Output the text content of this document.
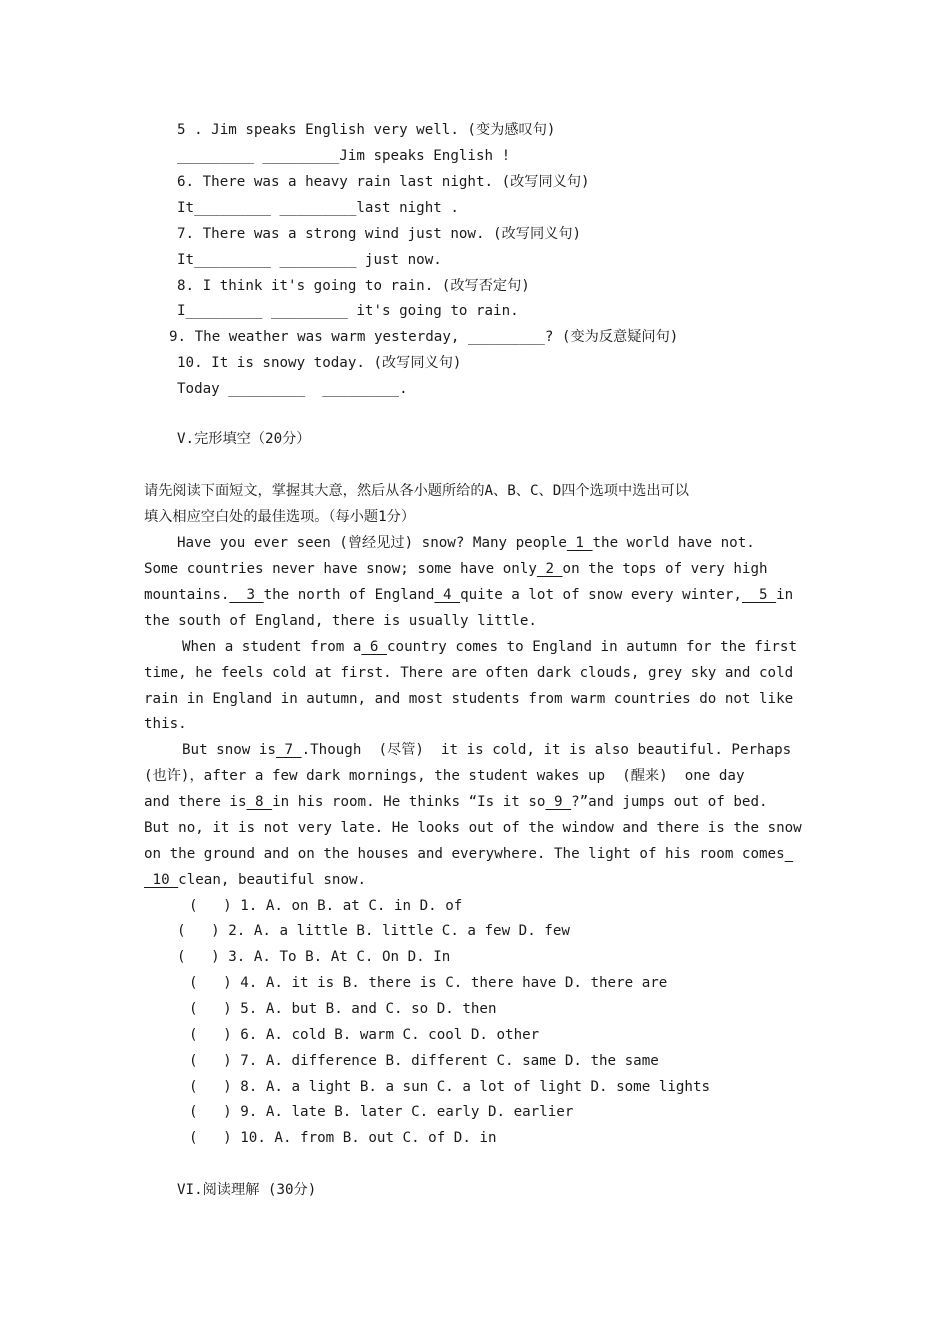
5 . Jim speaks English very well. (变为感叹句)

_________ _________Jim speaks English !

6. There was a heavy rain last night. (改写同义句)

It_________ _________last night .

7. There was a strong wind just now. (改写同义句)

It_________ _________ just now.

8. I think it's going to rain. (改写否定句)

I_________ _________ it's going to rain.

9. The weather was warm yesterday, _________? (变为反意疑问句)

10. It is snowy today. (改写同义句)

Today _________  _________.

V.完形填空（20分）

请先阅读下面短文，掌握其大意，然后从各小题所给的A、B、C、D四个选项中选出可以

填入相应空白处的最佳选项。（每小题1分）

Have you ever seen (曾经见过) snow? Many people 1 the world have not.

Some countries never have snow; some have only 2 on the tops of very high

mountains.  3 the north of England 4 quite a lot of snow every winter,  5 in

the south of England, there is usually little.

When a student from a 6 country comes to England in autumn for the first

time, he feels cold at first. There are often dark clouds, grey sky and cold

rain in England in autumn, and most students from warm countries do not like

this.

But snow is 7 .Though  (尽管)  it is cold, it is also beautiful. Perhaps

(也许)，after a few dark mornings, the student wakes up  (醒来)  one day

and there is 8 in his room. He thinks “Is it so 9 ?”and jumps out of bed.

But no, it is not very late. He looks out of the window and there is the snow

on the ground and on the houses and everywhere. The light of his room comes

10 clean, beautiful snow.

(   ) 1. A. on B. at C. in D. of

(   ) 2. A. a little B. little C. a few D. few

(   ) 3. A. To B. At C. On D. In

(   ) 4. A. it is B. there is C. there have D. there are

(   ) 5. A. but B. and C. so D. then

(   ) 6. A. cold B. warm C. cool D. other

(   ) 7. A. difference B. different C. same D. the same

(   ) 8. A. a light B. a sun C. a lot of light D. some lights

(   ) 9. A. late B. later C. early D. earlier

(   ) 10. A. from B. out C. of D. in

VI.阅读理解 (30分)
